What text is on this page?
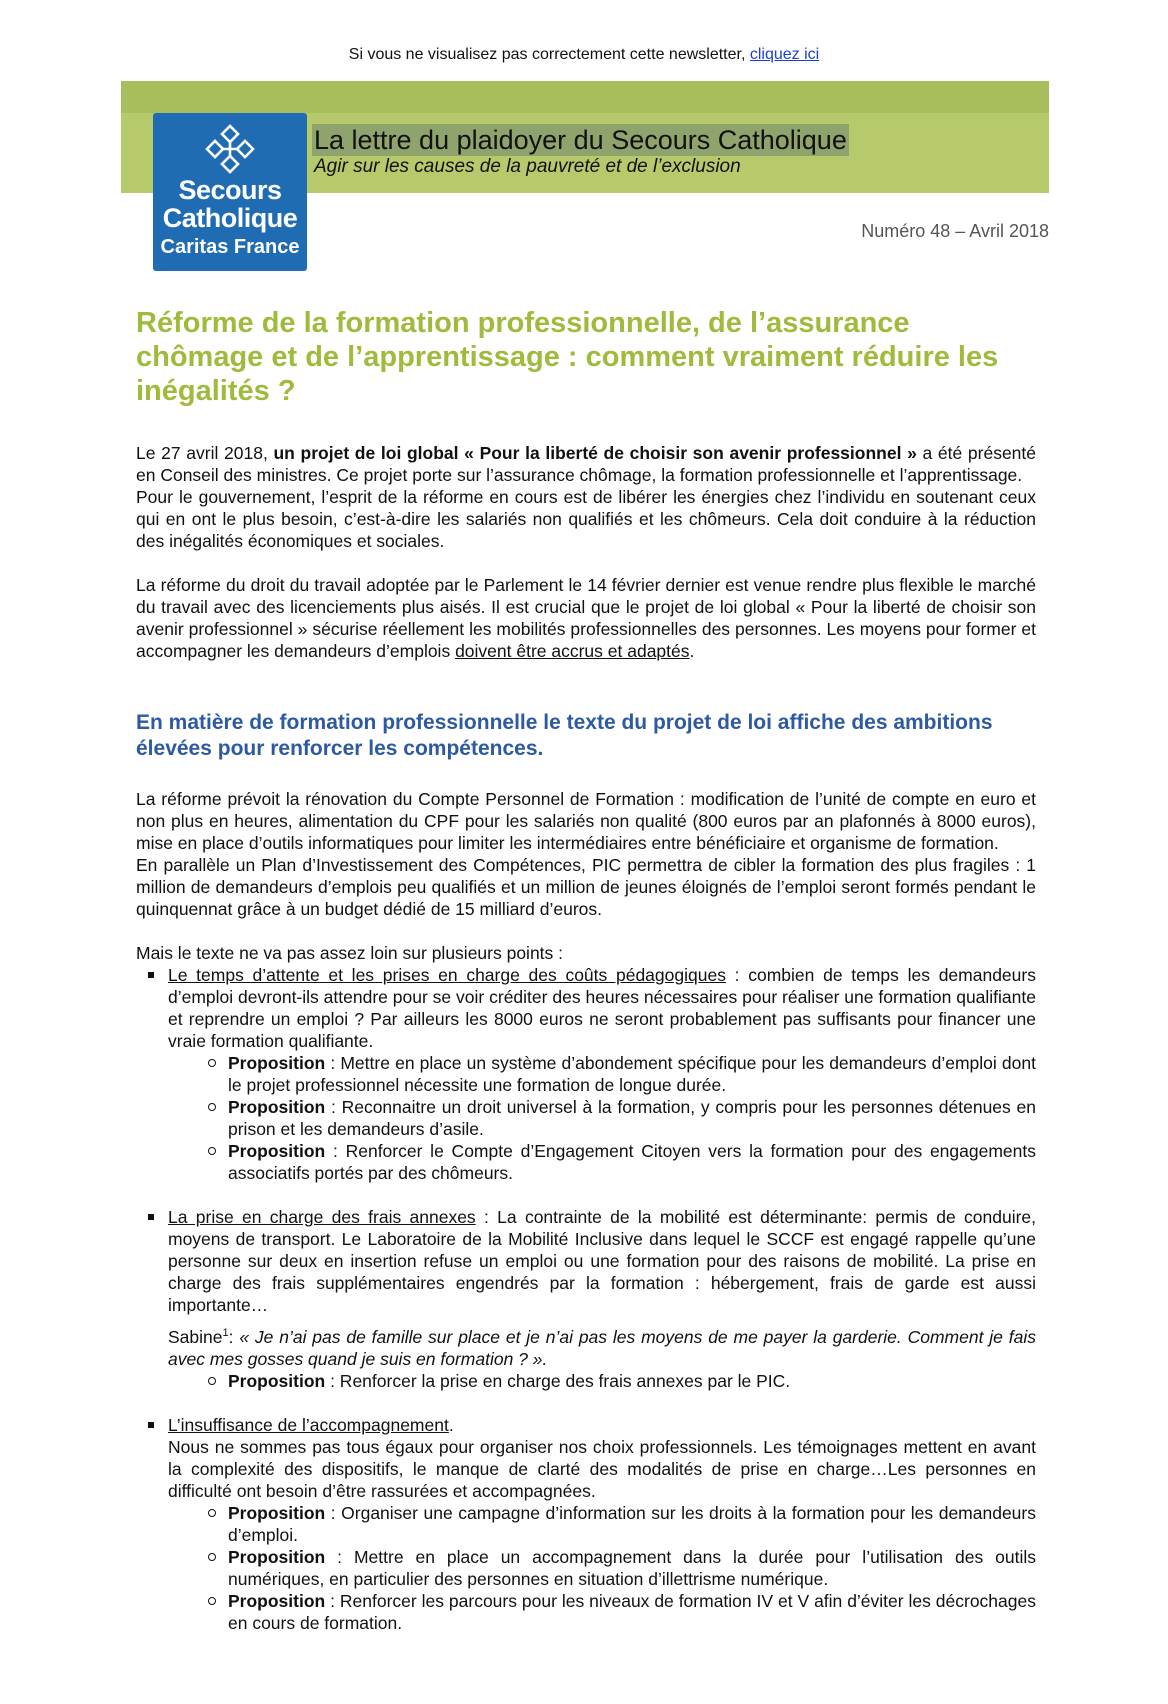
Si vous ne visualisez pas correctement cette newsletter, cliquez ici
Secours
Catholique
Caritas France
La lettre du plaidoyer du Secours Catholique
Agir sur les causes de la pauvreté et de l’exclusion
Numéro 48 – Avril 2018
Réforme de la formation professionnelle, de l’assurance chômage et de l’apprentissage : comment vraiment réduire les inégalités ?

Le 27 avril 2018, un projet de loi global « Pour la liberté de choisir son avenir professionnel » a été présenté en Conseil des ministres. Ce projet porte sur l’assurance chômage, la formation professionnelle et l’apprentissage.

Pour le gouvernement, l’esprit de la réforme en cours est de libérer les énergies chez l’individu en soutenant ceux qui en ont le plus besoin, c’est-à-dire les salariés non qualifiés et les chômeurs. Cela doit conduire à la réduction des inégalités économiques et sociales.

La réforme du droit du travail adoptée par le Parlement le 14 février dernier est venue rendre plus flexible le marché du travail avec des licenciements plus aisés. Il est crucial que le projet de loi global « Pour la liberté de choisir son avenir professionnel » sécurise réellement les mobilités professionnelles des personnes. Les moyens pour former et accompagner les demandeurs d’emplois doivent être accrus et adaptés.

En matière de formation professionnelle le texte du projet de loi affiche des ambitions élevées pour renforcer les compétences.

La réforme prévoit la rénovation du Compte Personnel de Formation : modification de l’unité de compte en euro et non plus en heures, alimentation du CPF pour les salariés non qualité (800 euros par an plafonnés à 8000 euros), mise en place d’outils informatiques pour limiter les intermédiaires entre bénéficiaire et organisme de formation.

En parallèle un Plan d’Investissement des Compétences, PIC permettra de cibler la formation des plus fragiles : 1 million de demandeurs d’emplois peu qualifiés et un million de jeunes éloignés de l’emploi seront formés pendant le quinquennat grâce à un budget dédié de 15 milliard d’euros.

Mais le texte ne va pas assez loin sur plusieurs points :

Le temps d’attente et les prises en charge des coûts pédagogiques : combien de temps les demandeurs d’emploi devront-ils attendre pour se voir créditer des heures nécessaires pour réaliser une formation qualifiante et reprendre un emploi ? Par ailleurs les 8000 euros ne seront probablement pas suffisants pour financer une vraie formation qualifiante.
Proposition : Mettre en place un système d’abondement spécifique pour les demandeurs d’emploi dont le projet professionnel nécessite une formation de longue durée.
Proposition : Reconnaitre un droit universel à la formation, y compris pour les personnes détenues en prison et les demandeurs d’asile.
Proposition : Renforcer le Compte d’Engagement Citoyen vers la formation pour des engagements associatifs portés par des chômeurs.
La prise en charge des frais annexes : La contrainte de la mobilité est déterminante: permis de conduire, moyens de transport. Le Laboratoire de la Mobilité Inclusive dans lequel le SCCF est engagé rappelle qu’une personne sur deux en insertion refuse un emploi ou une formation pour des raisons de mobilité. La prise en charge des frais supplémentaires engendrés par la formation : hébergement, frais de garde est aussi importante…
Sabine$^1$: « Je n’ai pas de famille sur place et je n’ai pas les moyens de me payer la garderie. Comment je fais avec mes gosses quand je suis en formation ? ».
Proposition : Renforcer la prise en charge des frais annexes par le PIC.
L’insuffisance de l’accompagnement.
Nous ne sommes pas tous égaux pour organiser nos choix professionnels. Les témoignages mettent en avant la complexité des dispositifs, le manque de clarté des modalités de prise en charge…Les personnes en difficulté ont besoin d’être rassurées et accompagnées.
Proposition : Organiser une campagne d’information sur les droits à la formation pour les demandeurs d’emploi.
Proposition : Mettre en place un accompagnement dans la durée pour l’utilisation des outils numériques, en particulier des personnes en situation d’illettrisme numérique.
Proposition : Renforcer les parcours pour les niveaux de formation IV et V afin d’éviter les décrochages en cours de formation.
